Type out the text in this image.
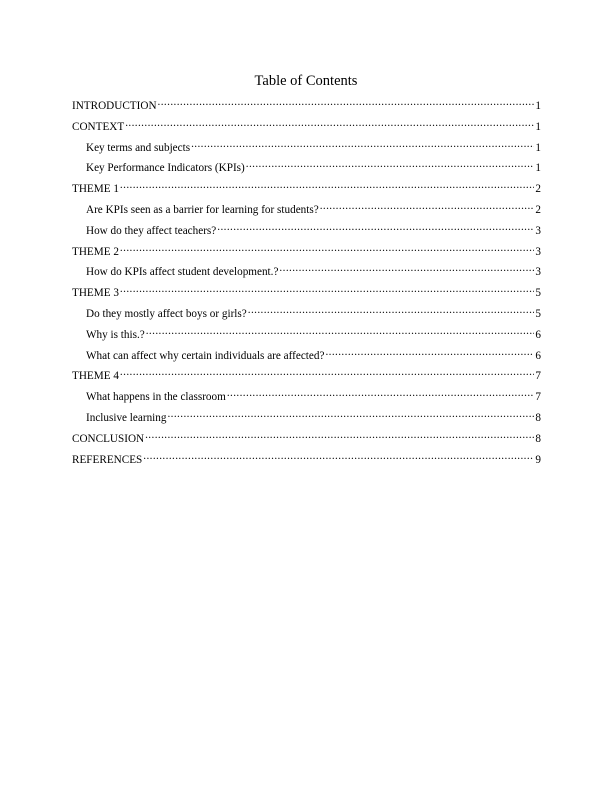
Table of Contents
INTRODUCTION .....	1
CONTEXT .....	1
Key terms and subjects .....	1
Key Performance Indicators (KPIs) .....	1
THEME 1 .....	2
Are KPIs seen as a barrier for learning for students? .....	2
How do they affect teachers? .....	3
THEME 2 .....	3
How do KPIs affect student development.? .....	3
THEME 3 .....	5
Do they mostly affect boys or girls? .....	5
Why is this.? .....	6
What can affect why certain individuals are affected? .....	6
THEME 4 .....	7
What happens in the classroom .....	7
Inclusive learning .....	8
CONCLUSION .....	8
REFERENCES .....	9
